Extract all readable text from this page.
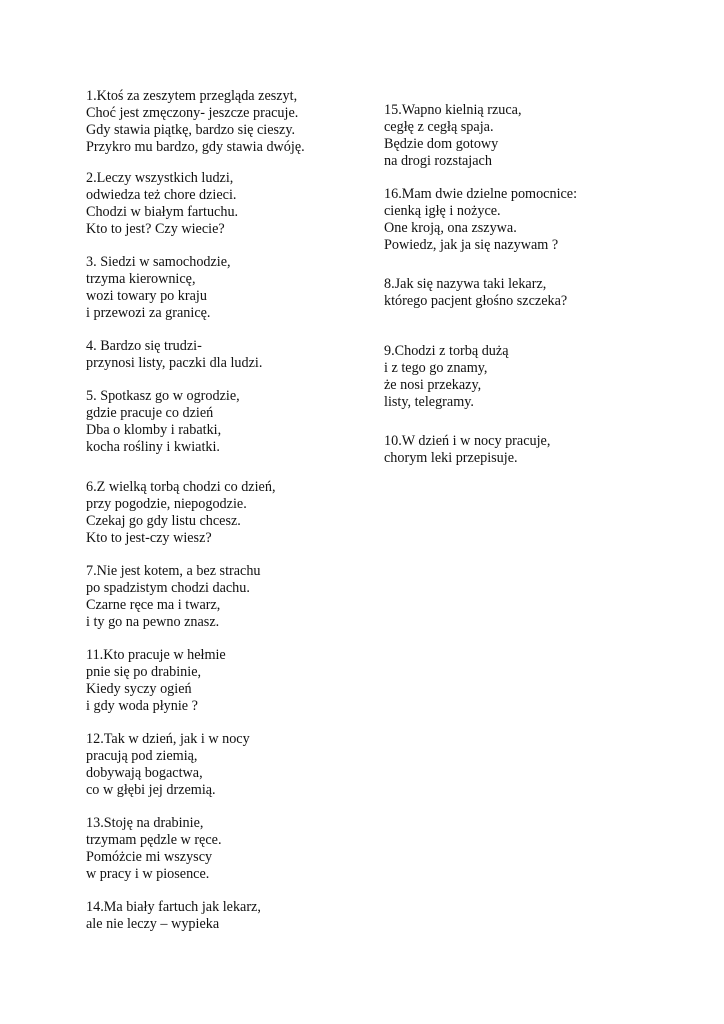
1.Ktoś za zeszytem przegląda zeszyt,
Choć jest zmęczony- jeszcze pracuje.
Gdy stawia piątkę, bardzo się cieszy.
Przykro mu bardzo, gdy stawia dwóję.

2.Leczy wszystkich ludzi,
odwiedza też chore dzieci.
Chodzi w białym fartuchu.
Kto to jest? Czy wiecie?

3. Siedzi w samochodzie,
trzyma kierownicę,
wozi towary po kraju
i przewozi za granicę.

4. Bardzo się trudzi-
przynosi listy, paczki dla ludzi.

5. Spotkasz go w ogrodzie,
gdzie pracuje co dzień
Dba o klomby i rabatki,
kocha rośliny i kwiatki.

6.Z wielką torbą chodzi co dzień,
przy pogodzie, niepogodzie.
Czekaj go gdy listu chcesz.
Kto to jest-czy wiesz?

7.Nie jest kotem, a bez strachu
po spadzistym chodzi dachu.
Czarne ręce ma i twarz,
i ty go na pewno znasz.

11.Kto pracuje w hełmie
pnie się po drabinie,
Kiedy syczy ogień
i gdy woda płynie ?

12.Tak w dzień, jak i w nocy
pracują pod ziemią,
dobywają bogactwa,
co w głębi jej drzemią.

13.Stoję na drabinie,
trzymam pędzle w ręce.
Pomóżcie mi wszyscy
w pracy i w piosence.

14.Ma biały fartuch jak lekarz,
ale nie leczy – wypieka

15.Wapno kielnią rzuca,
cegłę z cegłą spaja.
Będzie dom gotowy
na drogi rozstajach

16.Mam dwie dzielne pomocnice:
cienką igłę i nożyce.
One kroją, ona zszywa.
Powiedz, jak ja się nazywam ?

8.Jak się nazywa taki lekarz,
którego pacjent głośno szczeka?

9.Chodzi z torbą dużą
i z tego go znamy,
że nosi przekazy,
listy, telegramy.

10.W dzień i w nocy pracuje,
chorym leki przepisuje.
